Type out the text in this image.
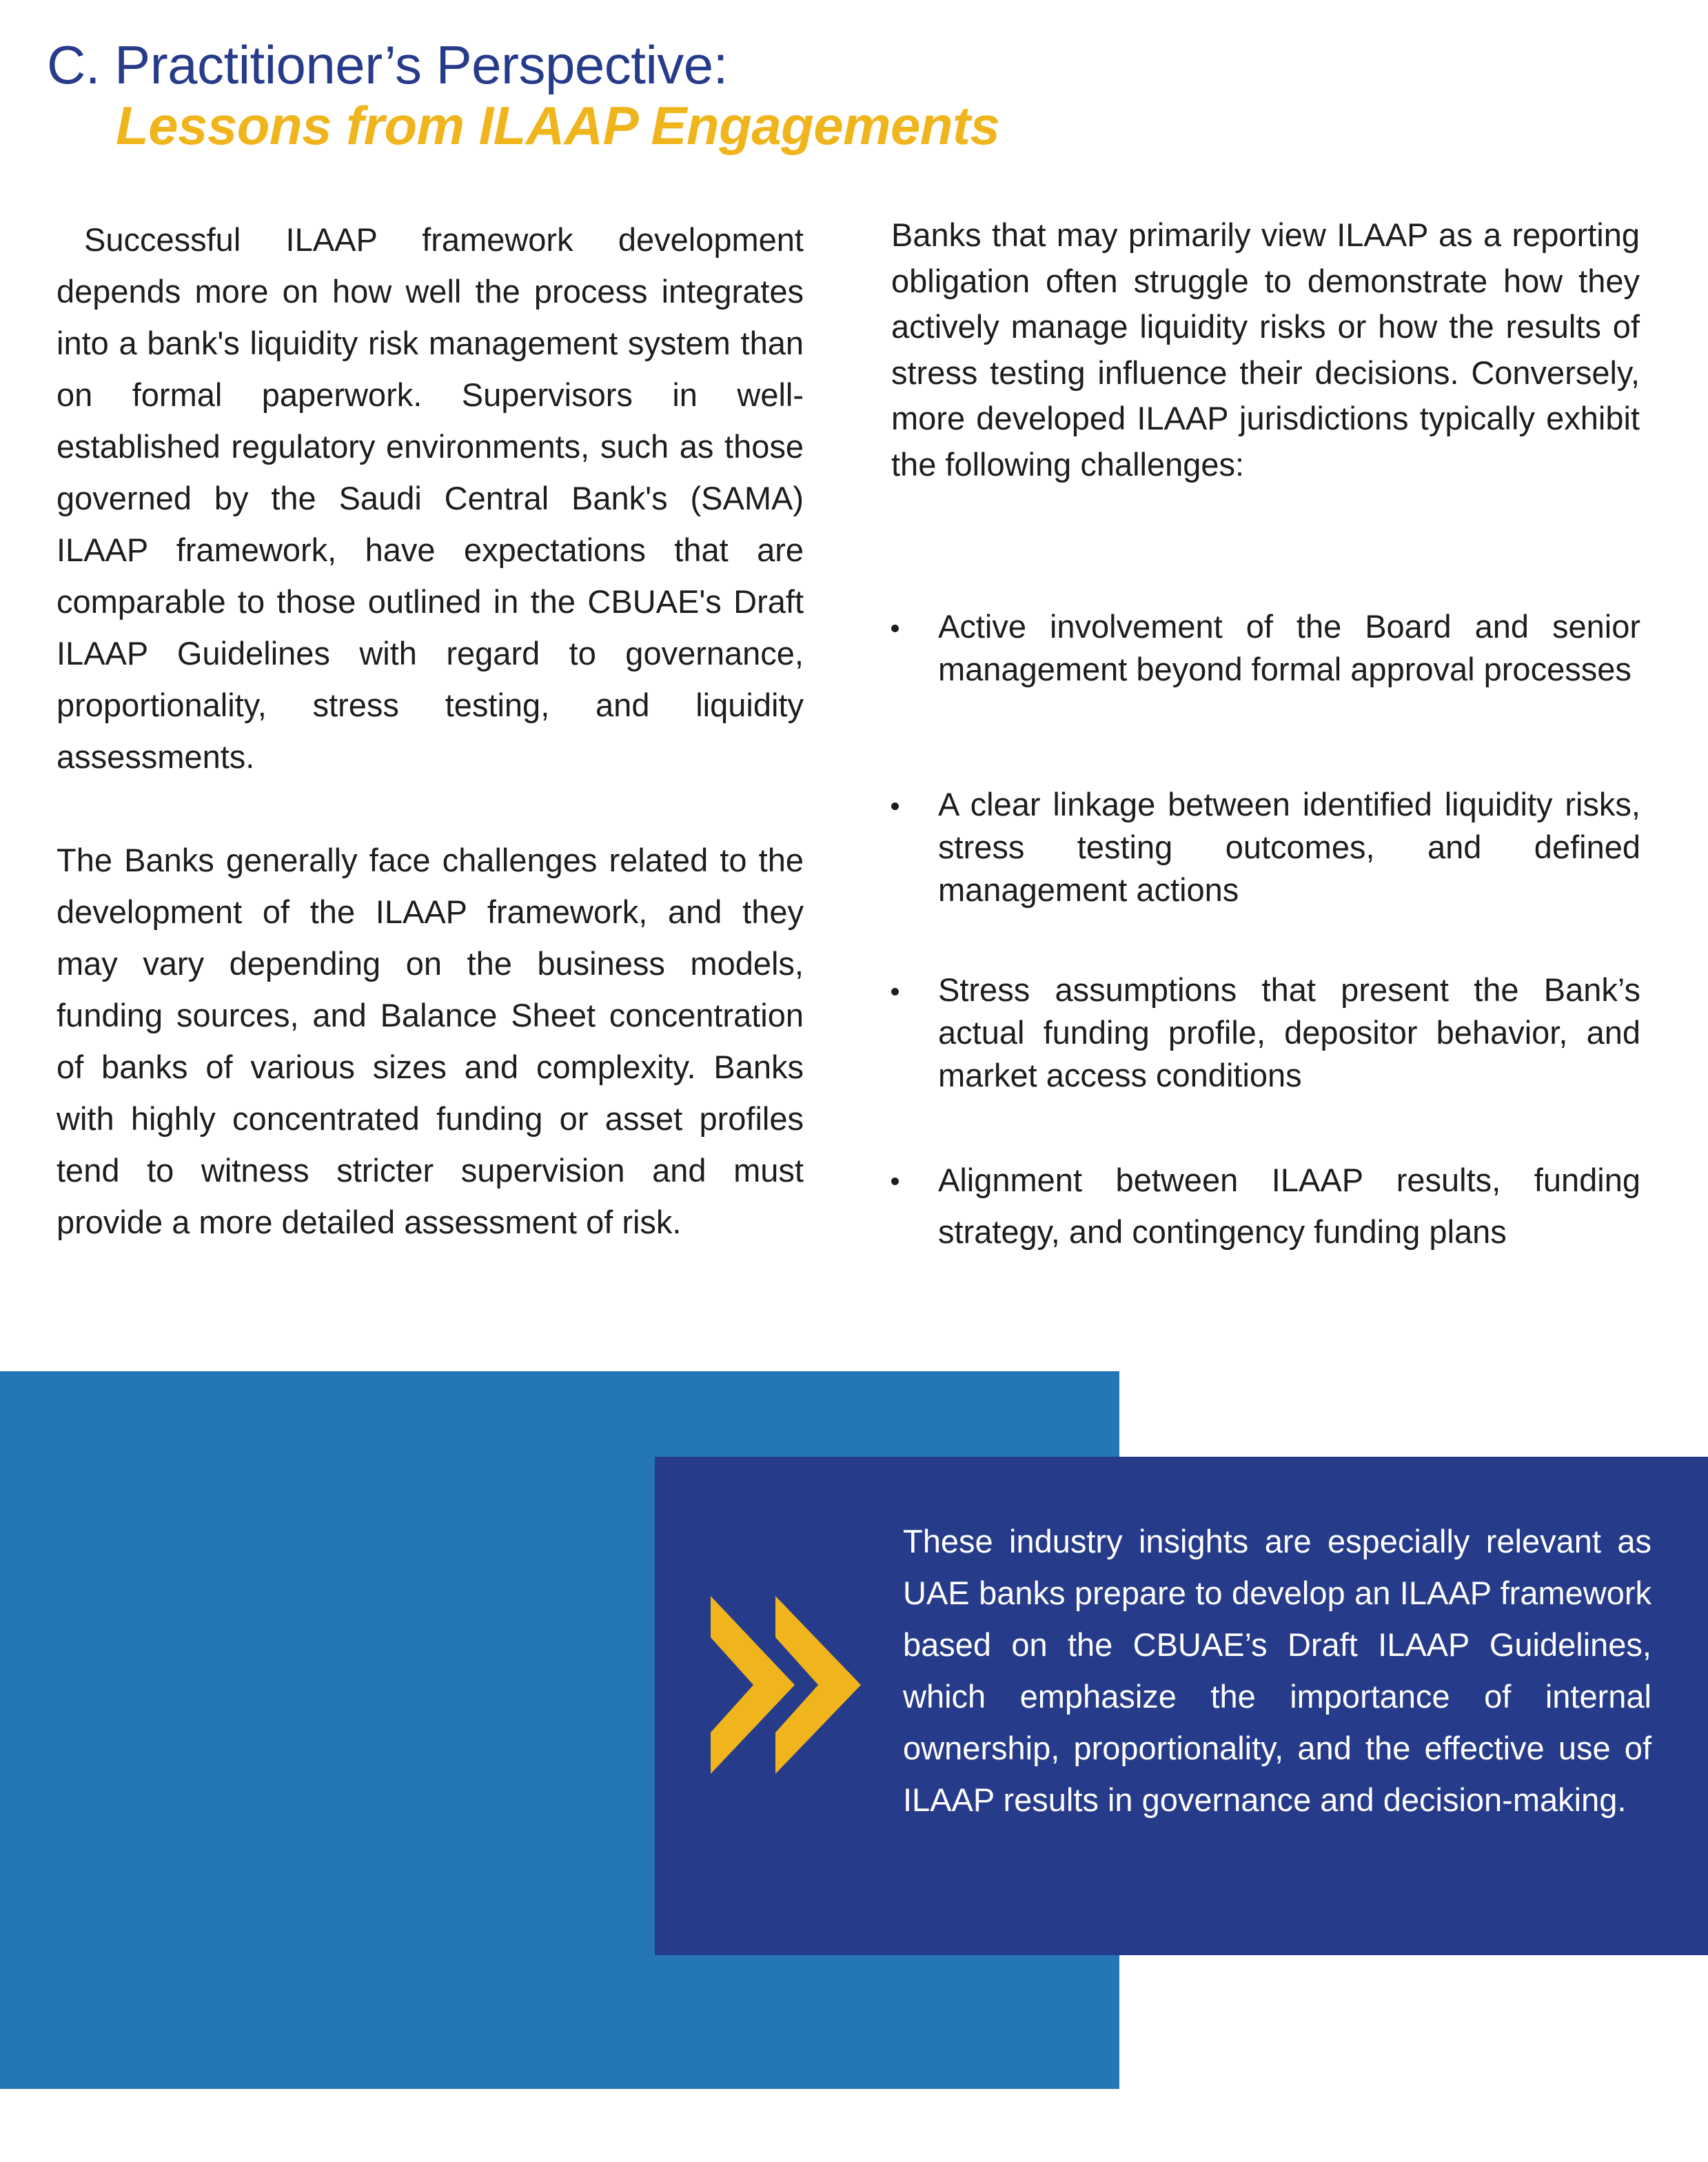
C. Practitioner’s Perspective:
Lessons from ILAAP Engagements

Successful ILAAP framework development depends more on how well the process integrates into a bank's liquidity risk management system than on formal paperwork. Supervisors in well-established regulatory environments, such as those governed by the Saudi Central Bank's (SAMA) ILAAP framework, have expectations that are comparable to those outlined in the CBUAE's Draft ILAAP Guidelines with regard to governance, proportionality, stress testing, and liquidity assessments.

The Banks generally face challenges related to the development of the ILAAP framework, and they may vary depending on the business models, funding sources, and Balance Sheet concentration of banks of various sizes and complexity. Banks with highly concentrated funding or asset profiles tend to witness stricter supervision and must provide a more detailed assessment of risk.

Banks that may primarily view ILAAP as a reporting obligation often struggle to demonstrate how they actively manage liquidity risks or how the results of stress testing influence their decisions. Conversely, more developed ILAAP jurisdictions typically exhibit the following challenges:

Active involvement of the Board and senior management beyond formal approval processes
A clear linkage between identified liquidity risks, stress testing outcomes, and defined management actions
Stress assumptions that present the Bank’s actual funding profile, depositor behavior, and market access conditions
Alignment between ILAAP results, funding strategy, and contingency funding plans

These industry insights are especially relevant as UAE banks prepare to develop an ILAAP framework based on the CBUAE’s Draft ILAAP Guidelines, which emphasize the importance of internal ownership, proportionality, and the effective use of ILAAP results in governance and decision-making.
